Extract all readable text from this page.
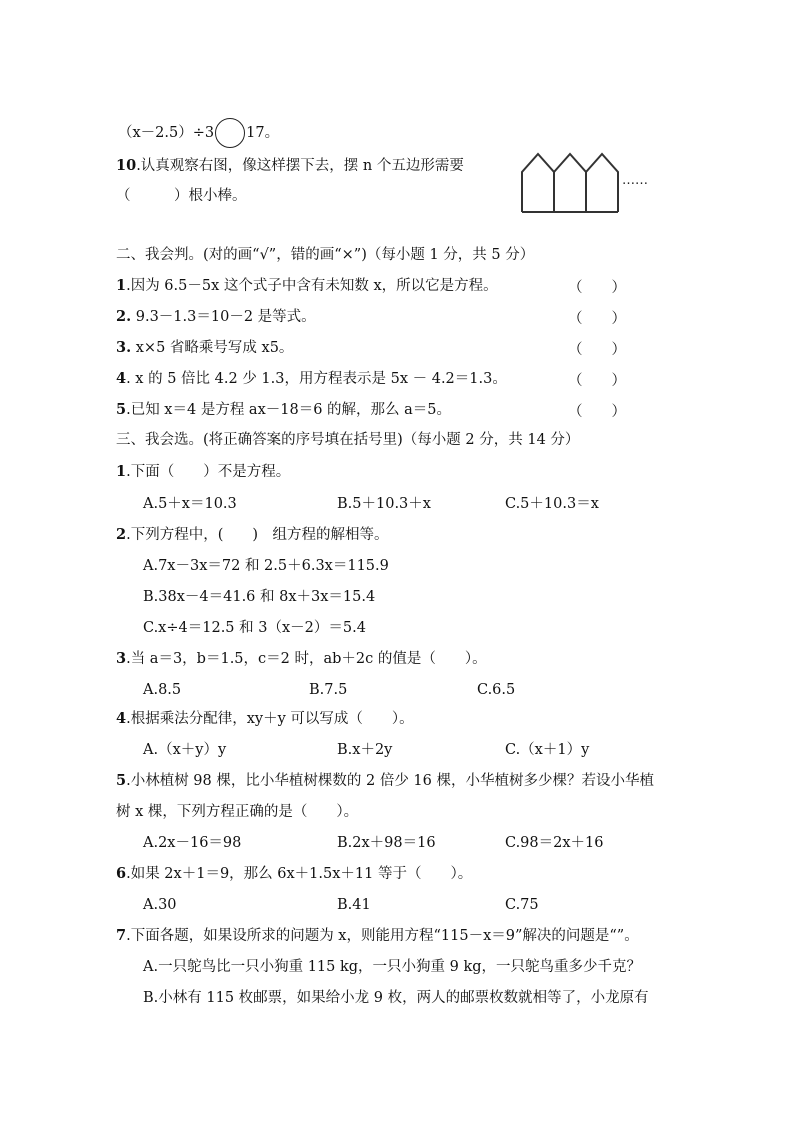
（x－2.5）÷3 17。
10.认真观察右图，像这样摆下去，摆 n 个五边形需要
（　　　）根小棒。
……
二、我会判。(对的画“√”，错的画“×”)（每小题 1 分，共 5 分）
1.因为 6.5－5x 这个式子中含有未知数 x，所以它是方程。	（　　）
2. 9.3－1.3＝10－2 是等式。	（　　）
3. x×5 省略乘号写成 x5。	（　　）
4. x 的 5 倍比 4.2 少 1.3，用方程表示是 5x － 4.2＝1.3。	（　　）
5.已知 x＝4 是方程 ax－18＝6 的解，那么 a＝5。	（　　）
三、我会选。(将正确答案的序号填在括号里)（每小题 2 分，共 14 分）
1.下面（　　）不是方程。
A.5＋x＝10.3	B.5＋10.3＋x	C.5＋10.3＝x
2.下列方程中，(　　)　组方程的解相等。
A.7x－3x＝72 和 2.5＋6.3x＝115.9
B.38x－4＝41.6 和 8x＋3x＝15.4
C.x÷4＝12.5 和 3（x－2）＝5.4
3.当 a＝3，b＝1.5，c＝2 时，ab＋2c 的值是（　　）。
A.8.5	B.7.5	C.6.5
4.根据乘法分配律，xy＋y 可以写成（　　）。
A.（x＋y）y	B.x＋2y	C.（x＋1）y
5.小林植树 98 棵，比小华植树棵数的 2 倍少 16 棵，小华植树多少棵？若设小华植
树 x 棵，下列方程正确的是（　　）。
A.2x－16＝98	B.2x＋98＝16	C.98＝2x＋16
6.如果 2x＋1＝9，那么 6x＋1.5x＋11 等于（　　）。
A.30	B.41	C.75
7.下面各题，如果设所求的问题为 x，则能用方程“115－x＝9”解决的问题是“”。
A.一只鸵鸟比一只小狗重 115 kg，一只小狗重 9 kg，一只鸵鸟重多少千克？
B.小林有 115 枚邮票，如果给小龙 9 枚，两人的邮票枚数就相等了，小龙原有
